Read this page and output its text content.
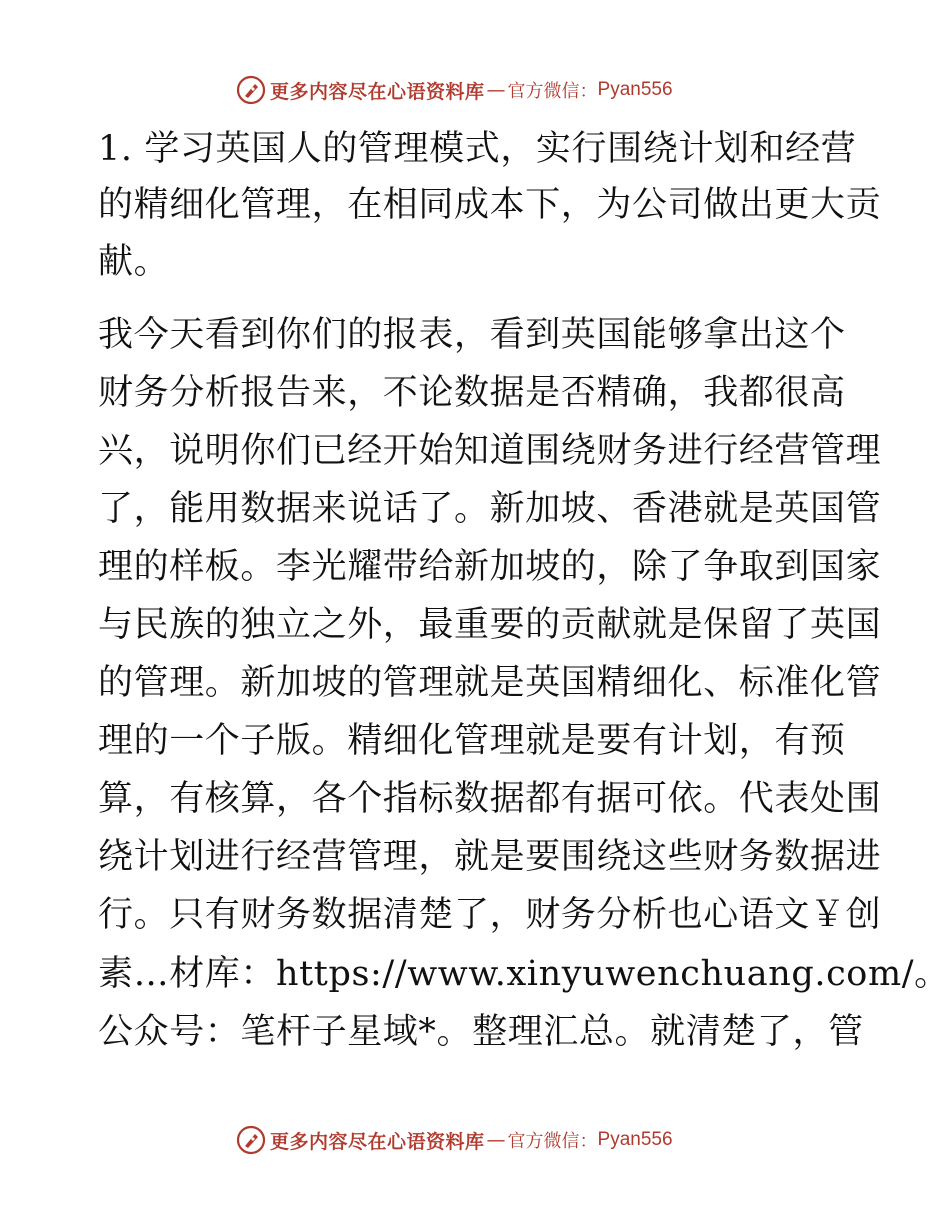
更多内容尽在心语资料库 — 官方微信： Pyan556

1. 学习英国人的管理模式，实行围绕计划和经营

的精细化管理，在相同成本下，为公司做出更大贡

献。

我今天看到你们的报表，看到英国能够拿出这个

财务分析报告来，不论数据是否精确，我都很高

兴，说明你们已经开始知道围绕财务进行经营管理

了，能用数据来说话了。新加坡、香港就是英国管

理的样板。李光耀带给新加坡的，除了争取到国家

与民族的独立之外，最重要的贡献就是保留了英国

的管理。新加坡的管理就是英国精细化、标准化管

理的一个子版。精细化管理就是要有计划，有预

算，有核算，各个指标数据都有据可依。代表处围

绕计划进行经营管理，就是要围绕这些财务数据进

行。只有财务数据清楚了，财务分析也心语文￥创

素…材库：https://www.xinyuwenchuang.com/。

公众号：笔杆子星域*。整理汇总。就清楚了，管

更多内容尽在心语资料库 — 官方微信： Pyan556
